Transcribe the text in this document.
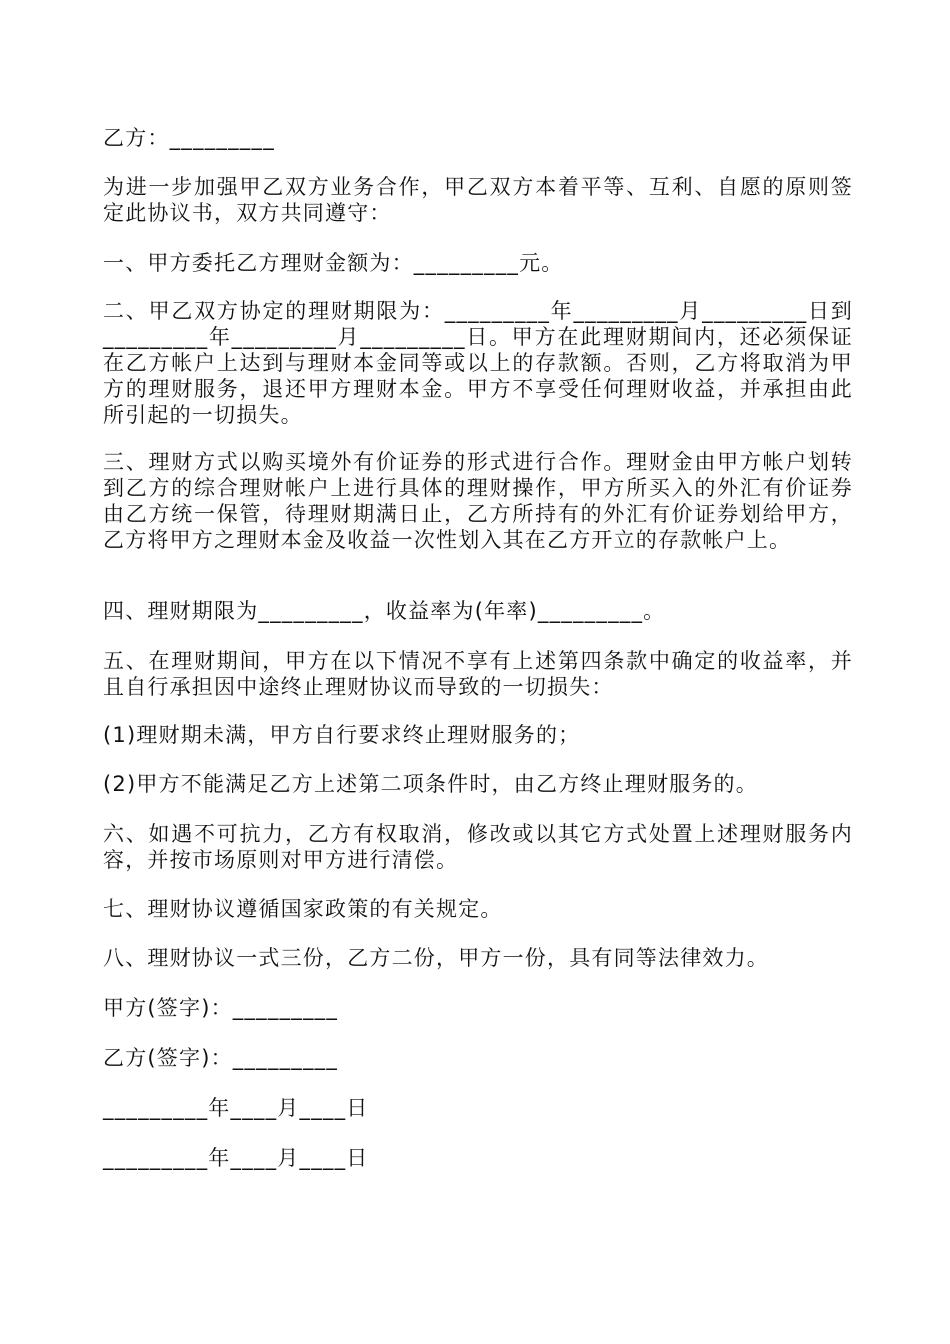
乙方：_________

为进一步加强甲乙双方业务合作，甲乙双方本着平等、互利、自愿的原则签定此协议书，双方共同遵守：

一、甲方委托乙方理财金额为：_________元。

二、甲乙双方协定的理财期限为：_________年_________月_________日到_________年_________月_________日。甲方在此理财期间内，还必须保证在乙方帐户上达到与理财本金同等或以上的存款额。否则，乙方将取消为甲方的理财服务，退还甲方理财本金。甲方不享受任何理财收益，并承担由此所引起的一切损失。

三、理财方式以购买境外有价证券的形式进行合作。理财金由甲方帐户划转到乙方的综合理财帐户上进行具体的理财操作，甲方所买入的外汇有价证券由乙方统一保管，待理财期满日止，乙方所持有的外汇有价证券划给甲方，乙方将甲方之理财本金及收益一次性划入其在乙方开立的存款帐户上。

四、理财期限为_________，收益率为(年率)_________。

五、在理财期间，甲方在以下情况不享有上述第四条款中确定的收益率，并且自行承担因中途终止理财协议而导致的一切损失：

(1)理财期未满，甲方自行要求终止理财服务的；

(2)甲方不能满足乙方上述第二项条件时，由乙方终止理财服务的。

六、如遇不可抗力，乙方有权取消，修改或以其它方式处置上述理财服务内容，并按市场原则对甲方进行清偿。

七、理财协议遵循国家政策的有关规定。

八、理财协议一式三份，乙方二份，甲方一份，具有同等法律效力。

甲方(签字)：_________

乙方(签字)：_________

_________年____月____日

_________年____月____日
